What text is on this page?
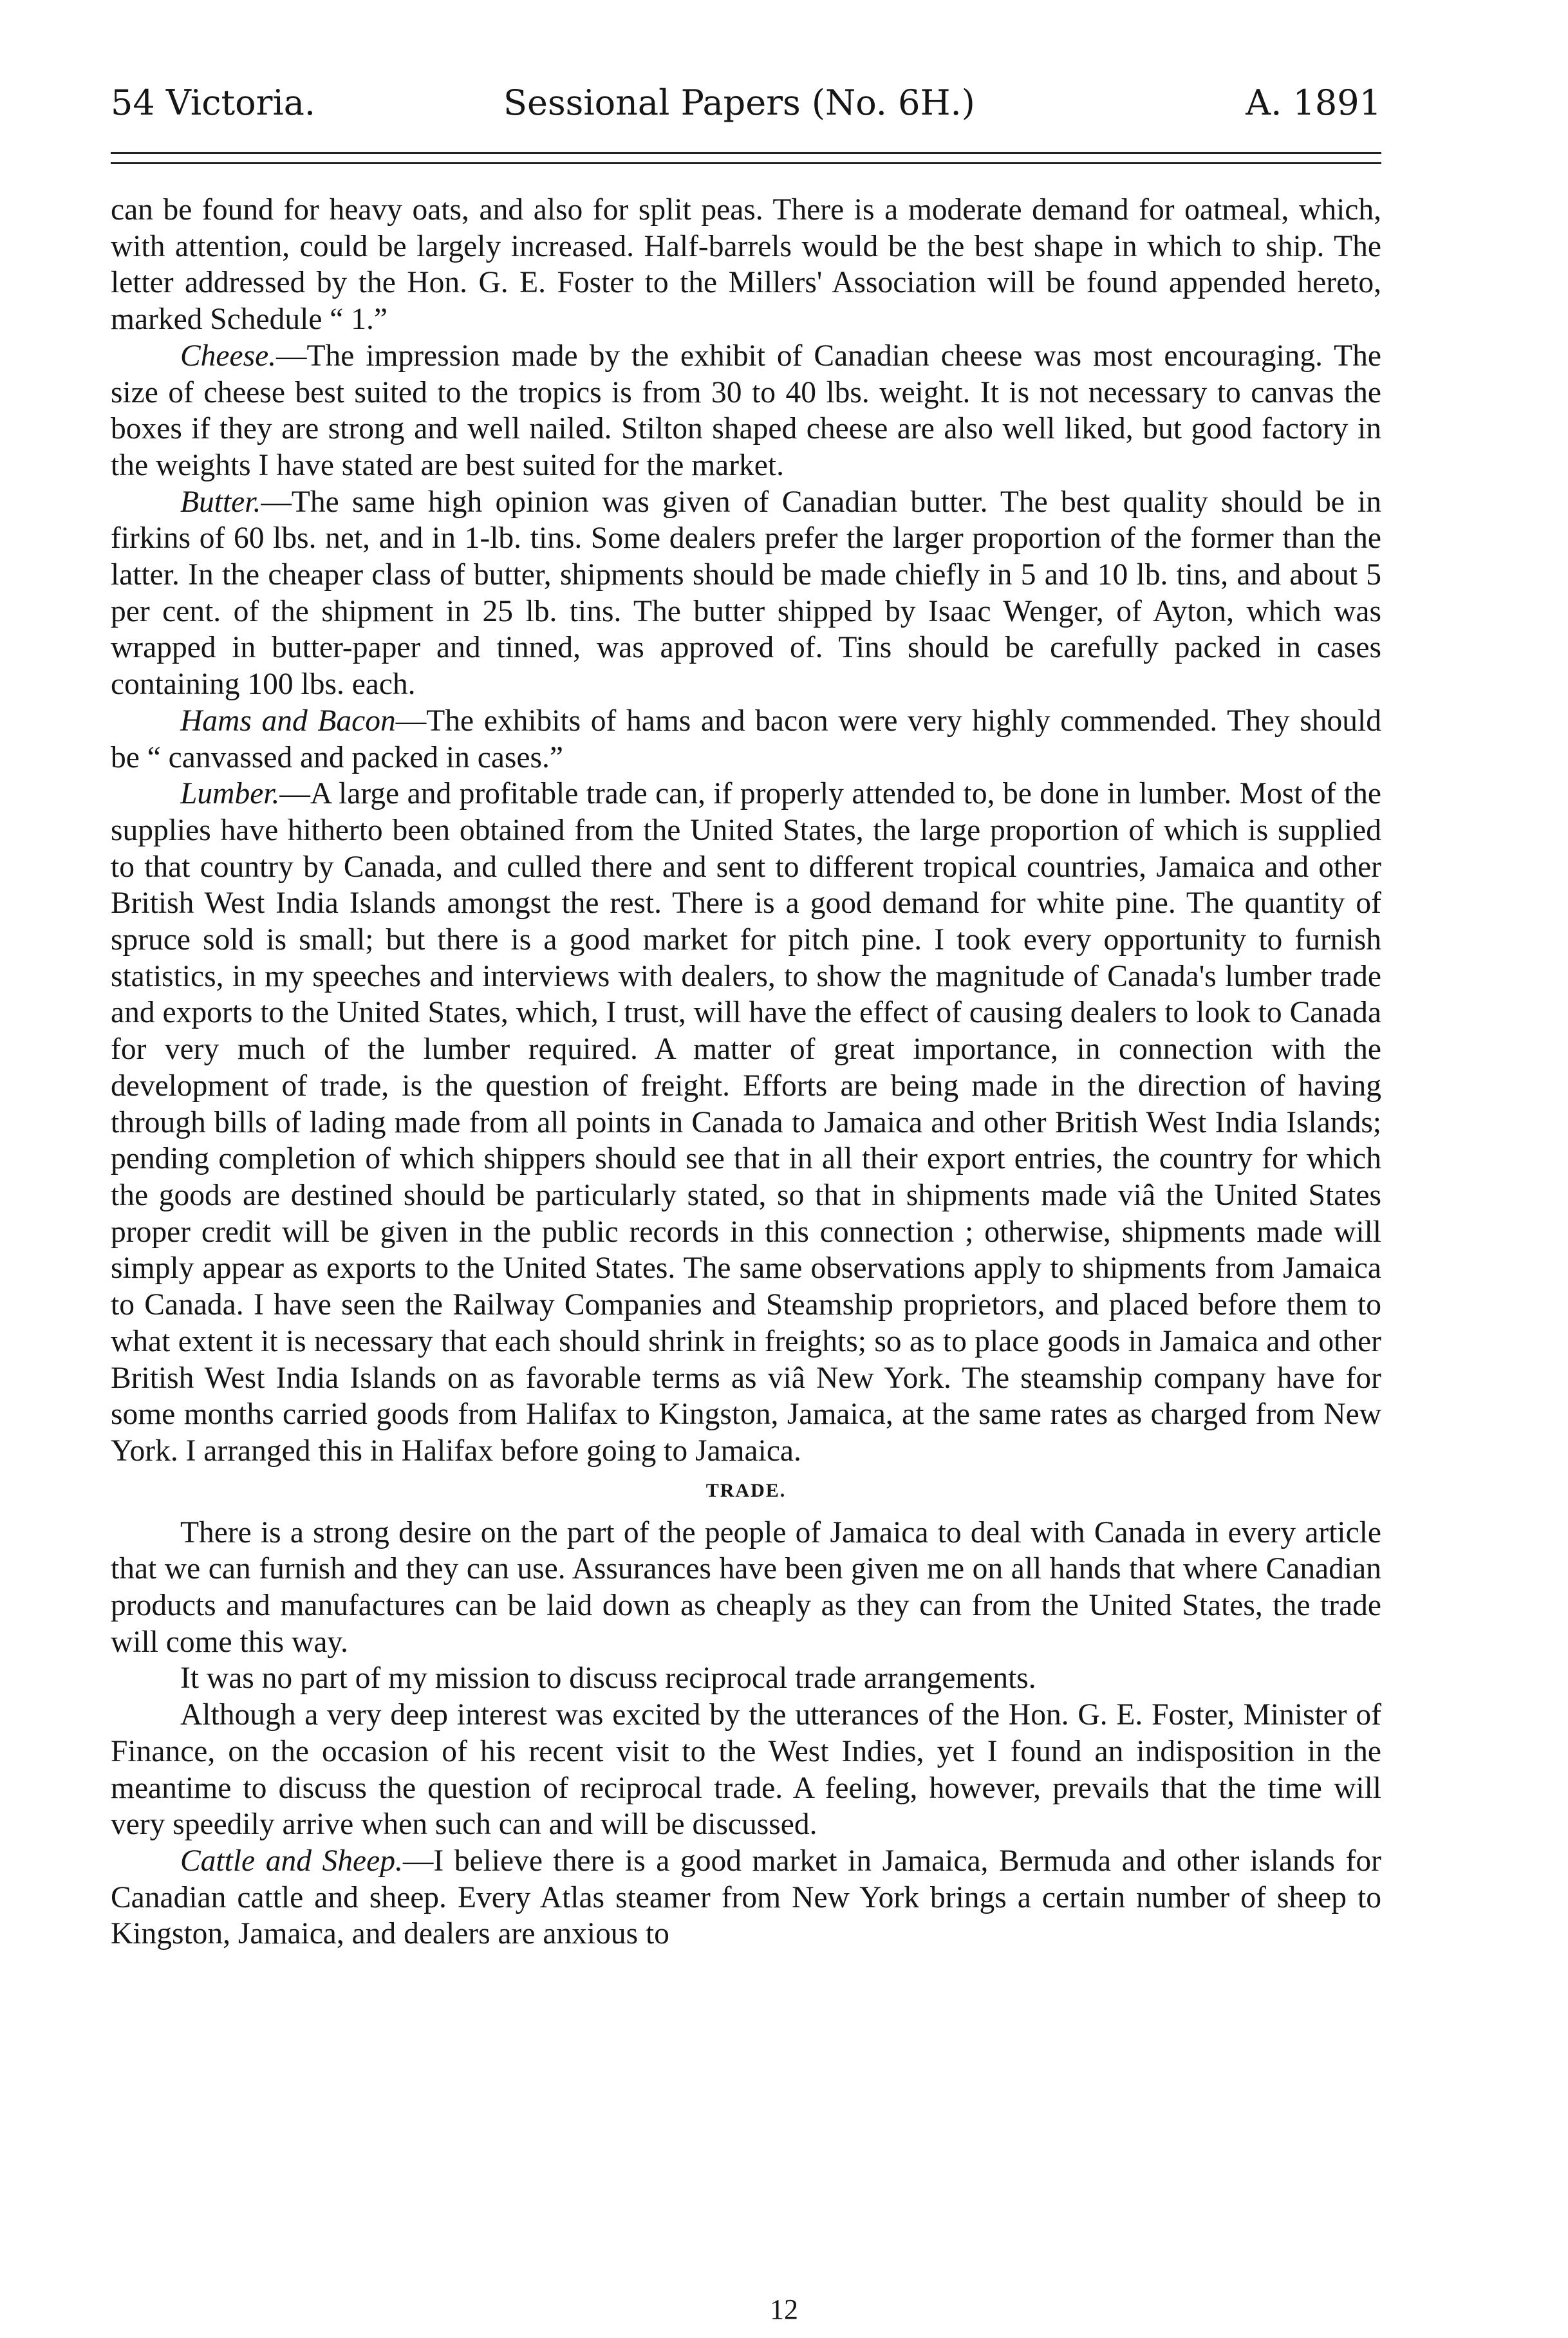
54 Victoria.	Sessional Papers (No. 6H.)	A. 1891

can be found for heavy oats, and also for split peas. There is a moderate demand for oatmeal, which, with attention, could be largely increased. Half-barrels would be the best shape in which to ship. The letter addressed by the Hon. G. E. Foster to the Millers' Association will be found appended hereto, marked Schedule “ 1.”

Cheese.—The impression made by the exhibit of Canadian cheese was most encouraging. The size of cheese best suited to the tropics is from 30 to 40 lbs. weight. It is not necessary to canvas the boxes if they are strong and well nailed. Stilton shaped cheese are also well liked, but good factory in the weights I have stated are best suited for the market.

Butter.—The same high opinion was given of Canadian butter. The best quality should be in firkins of 60 lbs. net, and in 1-lb. tins. Some dealers prefer the larger proportion of the former than the latter. In the cheaper class of butter, shipments should be made chiefly in 5 and 10 lb. tins, and about 5 per cent. of the shipment in 25 lb. tins. The butter shipped by Isaac Wenger, of Ayton, which was wrapped in butter-paper and tinned, was approved of. Tins should be carefully packed in cases containing 100 lbs. each.

Hams and Bacon—The exhibits of hams and bacon were very highly commended. They should be “ canvassed and packed in cases.”

Lumber.—A large and profitable trade can, if properly attended to, be done in lumber. Most of the supplies have hitherto been obtained from the United States, the large proportion of which is supplied to that country by Canada, and culled there and sent to different tropical countries, Jamaica and other British West India Islands amongst the rest. There is a good demand for white pine. The quantity of spruce sold is small; but there is a good market for pitch pine. I took every opportunity to furnish statistics, in my speeches and interviews with dealers, to show the magnitude of Canada's lumber trade and exports to the United States, which, I trust, will have the effect of causing dealers to look to Canada for very much of the lumber required. A matter of great importance, in connection with the development of trade, is the question of freight. Efforts are being made in the direction of having through bills of lading made from all points in Canada to Jamaica and other British West India Islands; pending completion of which shippers should see that in all their export entries, the country for which the goods are destined should be particularly stated, so that in shipments made viâ the United States proper credit will be given in the public records in this connection ; otherwise, shipments made will simply appear as exports to the United States. The same observations apply to shipments from Jamaica to Canada. I have seen the Railway Companies and Steamship proprietors, and placed before them to what extent it is necessary that each should shrink in freights; so as to place goods in Jamaica and other British West India Islands on as favorable terms as viâ New York. The steamship company have for some months carried goods from Halifax to Kingston, Jamaica, at the same rates as charged from New York. I arranged this in Halifax before going to Jamaica.

TRADE.

There is a strong desire on the part of the people of Jamaica to deal with Canada in every article that we can furnish and they can use. Assurances have been given me on all hands that where Canadian products and manufactures can be laid down as cheaply as they can from the United States, the trade will come this way.

It was no part of my mission to discuss reciprocal trade arrangements.

Although a very deep interest was excited by the utterances of the Hon. G. E. Foster, Minister of Finance, on the occasion of his recent visit to the West Indies, yet I found an indisposition in the meantime to discuss the question of reciprocal trade. A feeling, however, prevails that the time will very speedily arrive when such can and will be discussed.

Cattle and Sheep.—I believe there is a good market in Jamaica, Bermuda and other islands for Canadian cattle and sheep. Every Atlas steamer from New York brings a certain number of sheep to Kingston, Jamaica, and dealers are anxious to

12
